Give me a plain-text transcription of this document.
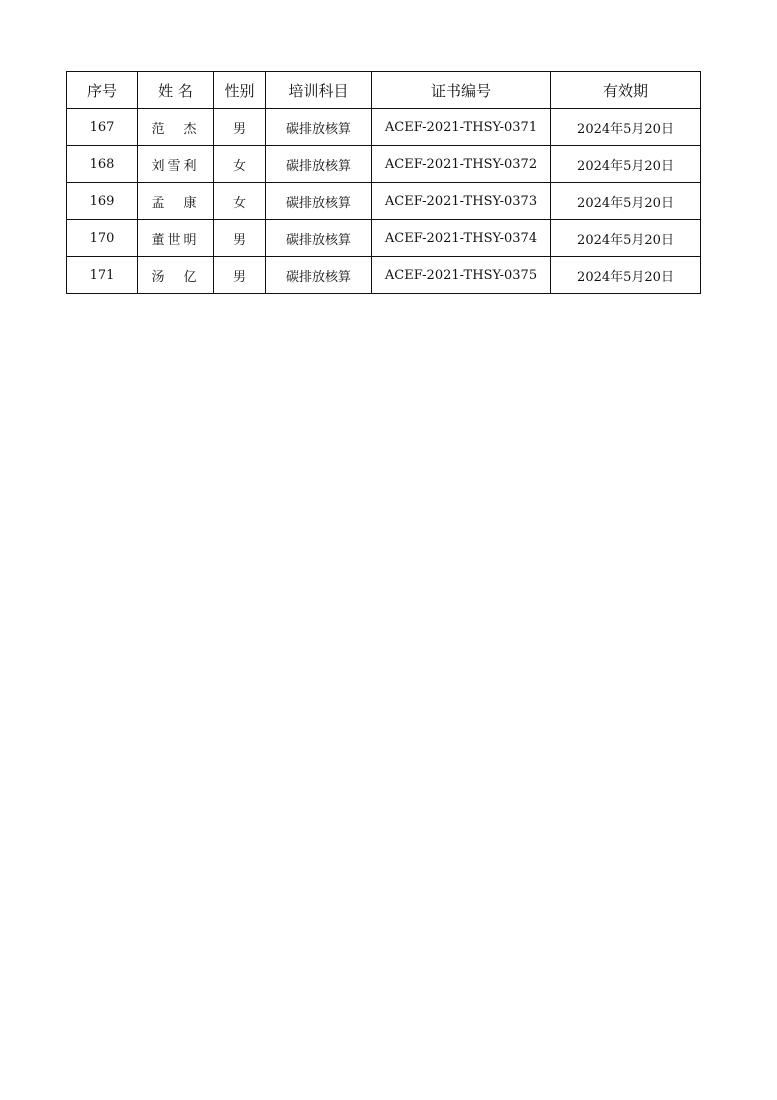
序号	姓 名	性别	培训科目	证书编号	有效期
167	范　杰	男	碳排放核算	ACEF-2021-THSY-0371	2024年5月20日
168	刘雪利	女	碳排放核算	ACEF-2021-THSY-0372	2024年5月20日
169	孟　康	女	碳排放核算	ACEF-2021-THSY-0373	2024年5月20日
170	董世明	男	碳排放核算	ACEF-2021-THSY-0374	2024年5月20日
171	汤　亿	男	碳排放核算	ACEF-2021-THSY-0375	2024年5月20日
